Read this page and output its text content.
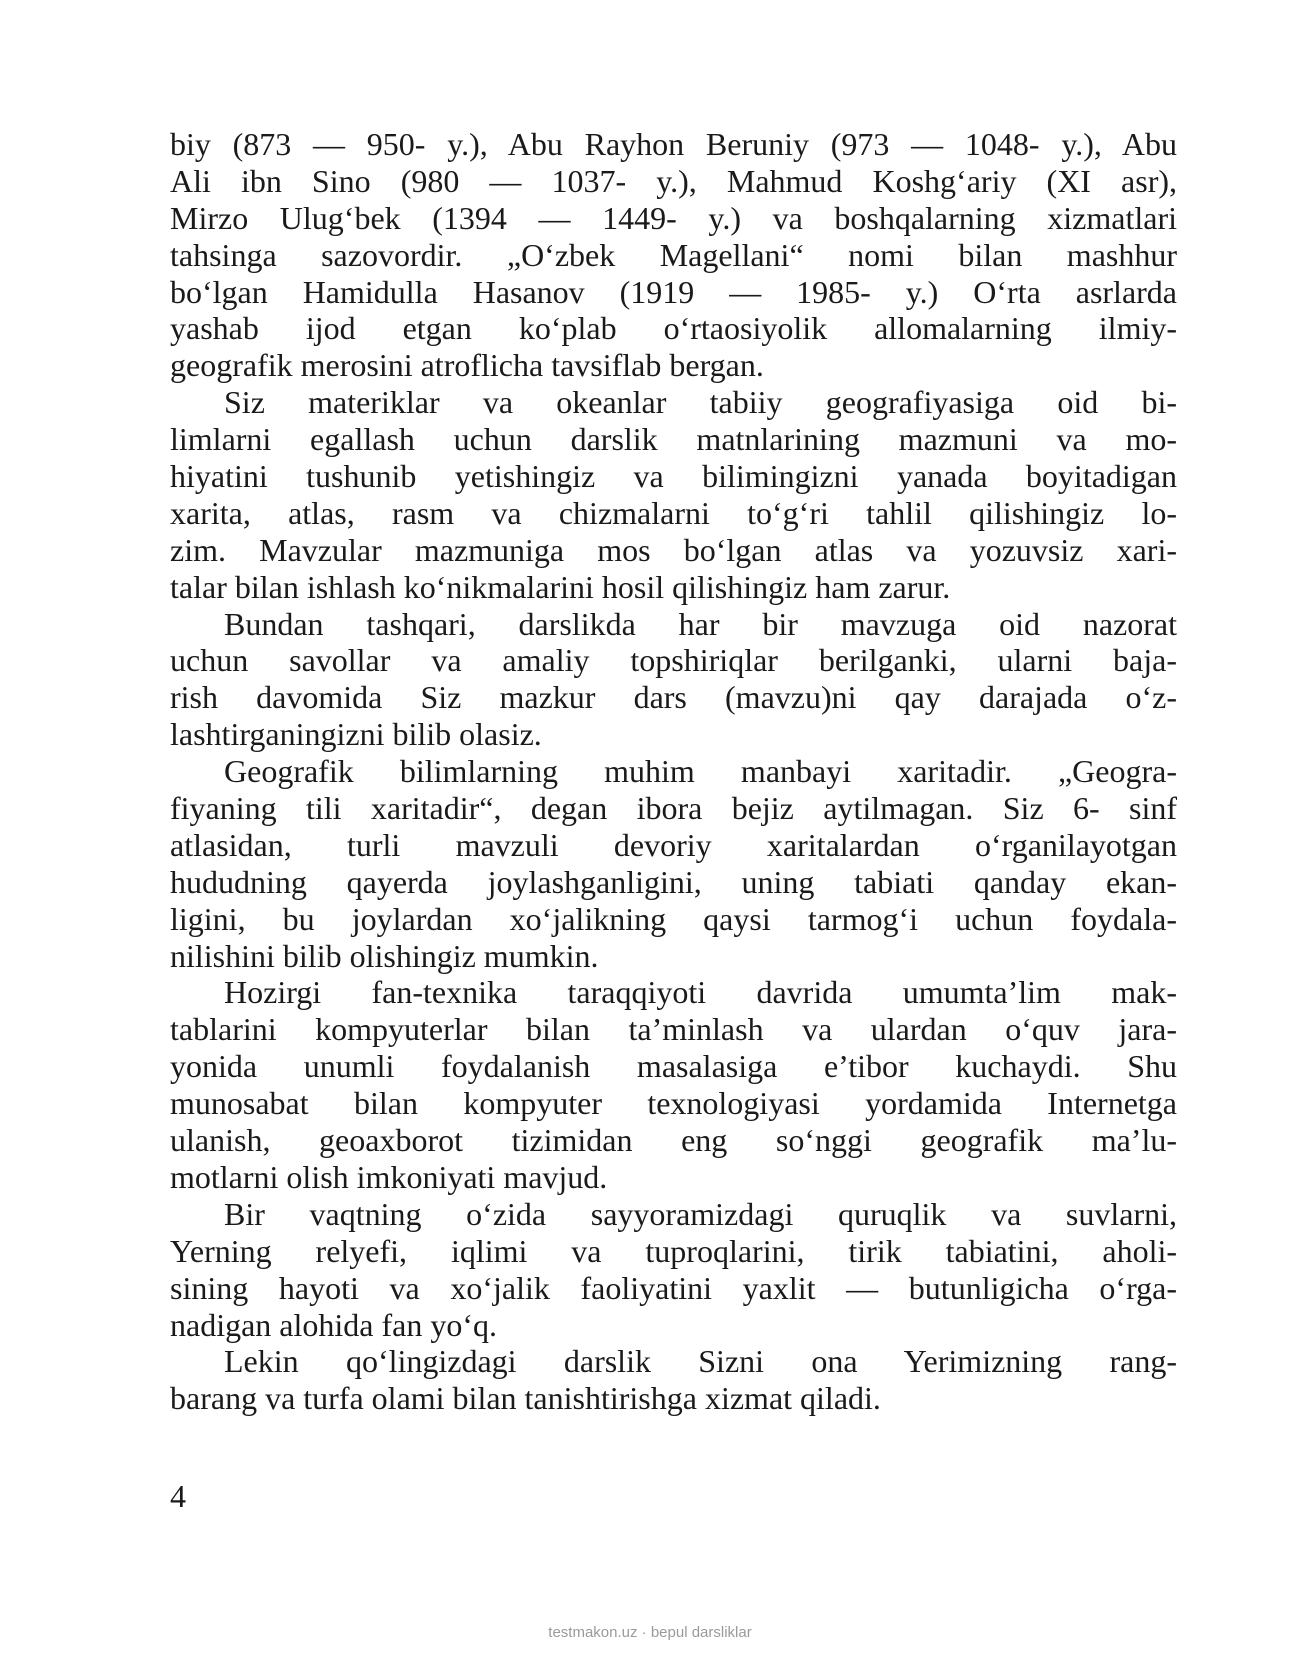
biy (873 — 950- y.), Abu Rayhon Beruniy (973 — 1048- y.), Abu
Ali ibn Sino (980 — 1037- y.), Mahmud Koshg‘ariy (XI asr),
Mirzo Ulug‘bek (1394 — 1449- y.) va boshqalarning xizmatlari
tahsinga sazovordir. „O‘zbek Magellani“ nomi bilan mashhur
bo‘lgan Hamidulla Hasanov (1919 — 1985- y.) O‘rta asrlarda
yashab ijod etgan ko‘plab o‘rtaosiyolik allomalarning ilmiy-
geografik merosini atroflicha tavsiflab bergan.
Siz materiklar va okeanlar tabiiy geografiyasiga oid bi-
limlarni egallash uchun darslik matnlarining mazmuni va mo-
hiyatini tushunib yetishingiz va bilimingizni yanada boyitadigan
xarita, atlas, rasm va chizmalarni to‘g‘ri tahlil qilishingiz lo-
zim. Mavzular mazmuniga mos bo‘lgan atlas va yozuvsiz xari-
talar bilan ishlash ko‘nikmalarini hosil qilishingiz ham zarur.
Bundan tashqari, darslikda har bir mavzuga oid nazorat
uchun savollar va amaliy topshiriqlar berilganki, ularni baja-
rish davomida Siz mazkur dars (mavzu)ni qay darajada o‘z-
lashtirganingizni bilib olasiz.
Geografik bilimlarning muhim manbayi xaritadir. „Geogra-
fiyaning tili xaritadir“, degan ibora bejiz aytilmagan. Siz 6- sinf
atlasidan, turli mavzuli devoriy xaritalardan o‘rganilayotgan
hududning qayerda joylashganligini, uning tabiati qanday ekan-
ligini, bu joylardan xo‘jalikning qaysi tarmog‘i uchun foydala-
nilishini bilib olishingiz mumkin.
Hozirgi fan-texnika taraqqiyoti davrida umumta’lim mak-
tablarini kompyuterlar bilan ta’minlash va ulardan o‘quv jara-
yonida unumli foydalanish masalasiga e’tibor kuchaydi. Shu
munosabat bilan kompyuter texnologiyasi yordamida Internetga
ulanish, geoaxborot tizimidan eng so‘nggi geografik ma’lu-
motlarni olish imkoniyati mavjud.
Bir vaqtning o‘zida sayyoramizdagi quruqlik va suvlarni,
Yerning relyefi, iqlimi va tuproqlarini, tirik tabiatini, aholi-
sining hayoti va xo‘jalik faoliyatini yaxlit — butunligicha o‘rga-
nadigan alohida fan yo‘q.
Lekin qo‘lingizdagi darslik Sizni ona Yerimizning rang-
barang va turfa olami bilan tanishtirishga xizmat qiladi.
4
testmakon.uz · bepul darsliklar
